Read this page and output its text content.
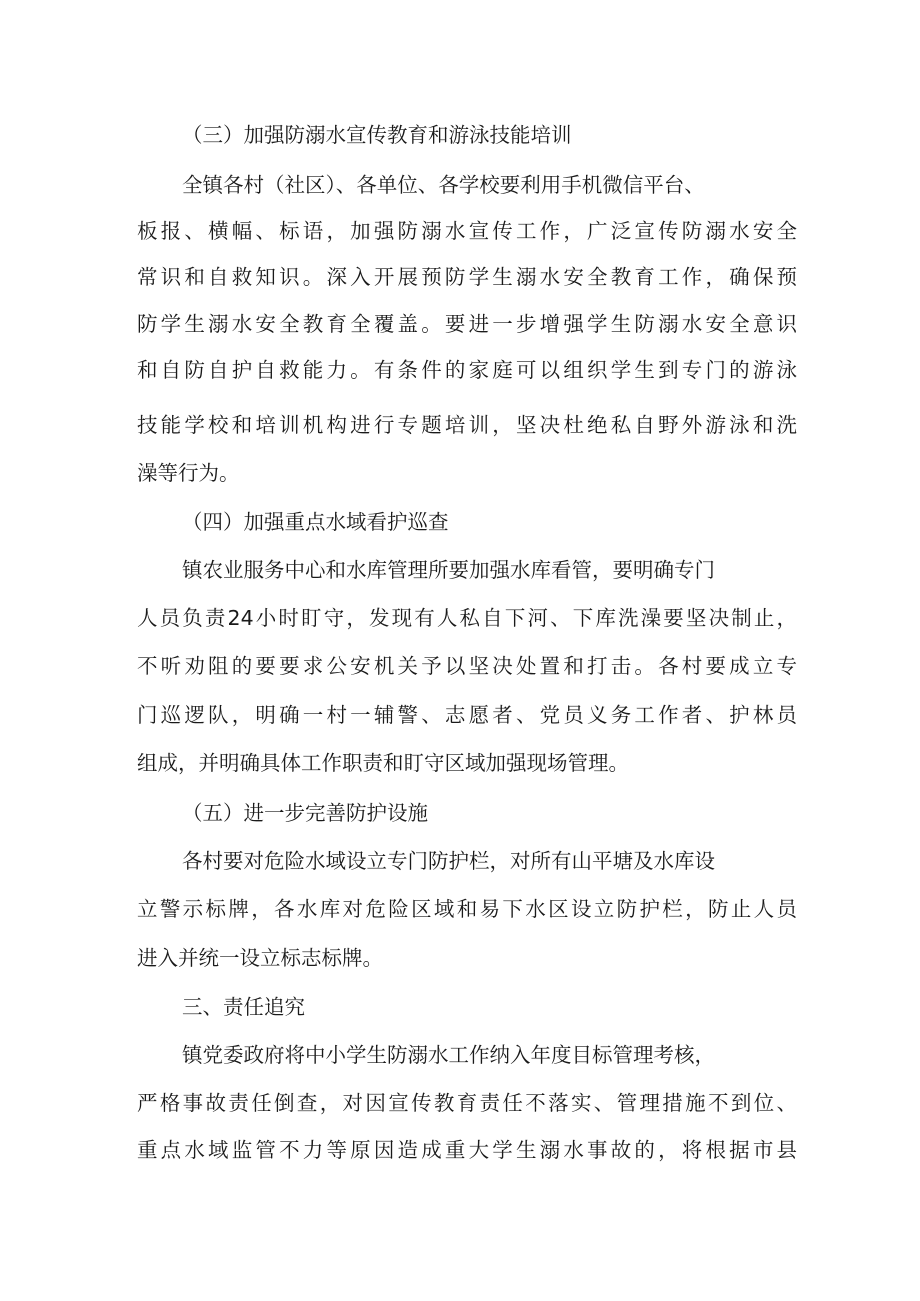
（三）加强防溺水宣传教育和游泳技能培训
全镇各村（社区）、各单位、各学校要利用手机微信平台、
板报、横幅、标语，加强防溺水宣传工作，广泛宣传防溺水安全
常识和自救知识。深入开展预防学生溺水安全教育工作，确保预
防学生溺水安全教育全覆盖。要进一步增强学生防溺水安全意识
和自防自护自救能力。有条件的家庭可以组织学生到专门的游泳
技能学校和培训机构进行专题培训，坚决杜绝私自野外游泳和洗
澡等行为。
（四）加强重点水域看护巡查
镇农业服务中心和水库管理所要加强水库看管，要明确专门
人员负责24小时盯守，发现有人私自下河、下库洗澡要坚决制止，
不听劝阻的要要求公安机关予以坚决处置和打击。各村要成立专
门巡逻队，明确一村一辅警、志愿者、党员义务工作者、护林员
组成，并明确具体工作职责和盯守区域加强现场管理。
（五）进一步完善防护设施
各村要对危险水域设立专门防护栏，对所有山平塘及水库设
立警示标牌，各水库对危险区域和易下水区设立防护栏，防止人员
进入并统一设立标志标牌。
三、责任追究
镇党委政府将中小学生防溺水工作纳入年度目标管理考核，
严格事故责任倒查，对因宣传教育责任不落实、管理措施不到位、
重点水域监管不力等原因造成重大学生溺水事故的，将根据市县
